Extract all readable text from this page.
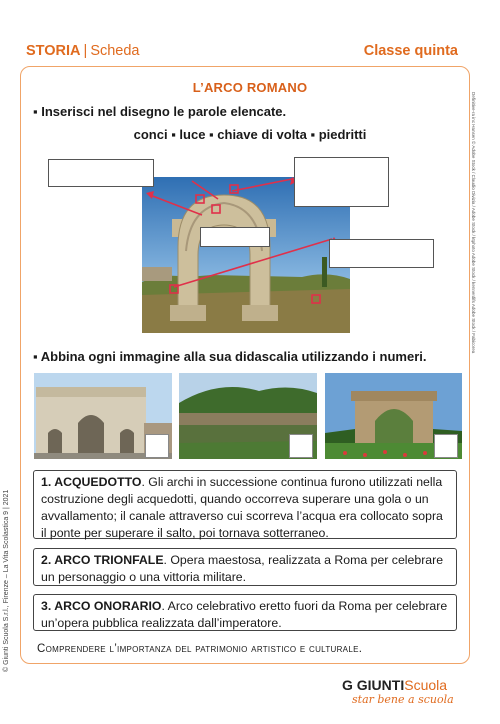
STORIA | Scheda	Classe quinta
L’ARCO ROMANO
▪ Inserisci nel disegno le parole elencate.
conci ▪ luce ▪ chiave di volta ▪ piedritti
▪ Abbina ogni immagine alla sua didascalia utilizzando i numeri.
1. ACQUEDOTTO. Gli archi in successione continua furono utilizzati nella costruzione degli acquedotti, quando occorreva superare una gola o un avvallamento; il canale attraverso cui scorreva l’acqua era collocato sopra il ponte per superare il salto, poi tornava sotterraneo.
2. ARCO TRIONFALE. Opera maestosa, realizzata a Roma per celebrare un personaggio o una vittoria militare.
3. ARCO ONORARIO. Arco celebrativo eretto fuori da Roma per celebrare un’opera pubblica realizzata dall’imperatore.
Comprendere l’importanza del patrimonio artistico e culturale.
© Giunti Scuola S.r.l., Firenze – La Vita Scolastica 9 | 2021
Definitive-ra inc Hansen © Adobe Stock / Claudio Divizia / Adobe Stock / ktphoto Adobe Stock / kennerdifs Adobe Stock / Fabicorea
G GIUNTIScuola
star bene a scuola
